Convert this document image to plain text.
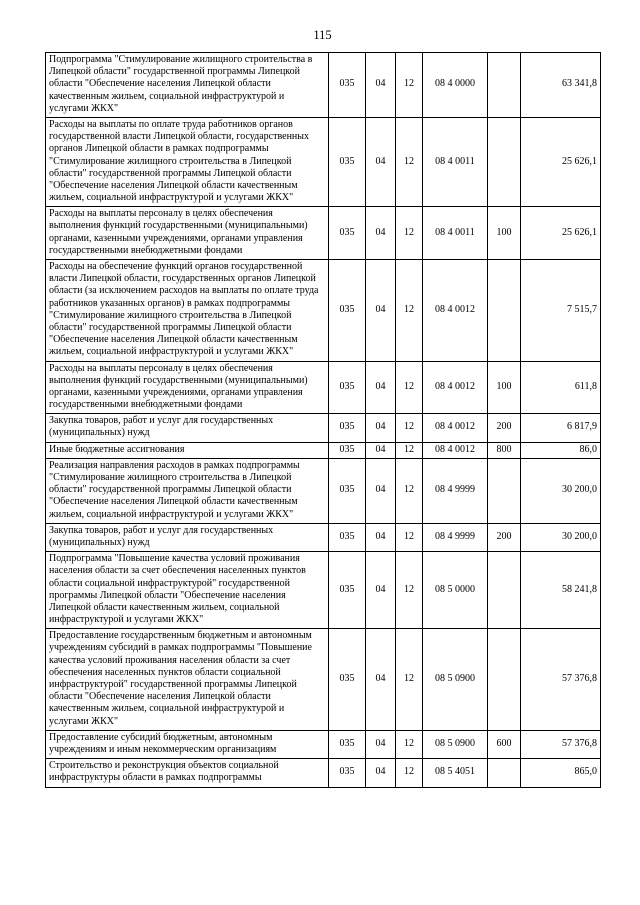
115
Подпрограмма "Стимулирование жилищного строительства в Липецкой области" государственной программы Липецкой области "Обеспечение населения Липецкой области качественным жильем, социальной инфраструктурой и услугами ЖКХ"	035	04	12	08 4 0000		63 341,8
Расходы на выплаты по оплате труда работников органов государственной власти Липецкой области, государственных органов Липецкой области в рамках подпрограммы "Стимулирование жилищного строительства в Липецкой области" государственной программы Липецкой области "Обеспечение населения Липецкой области качественным жильем, социальной инфраструктурой и услугами ЖКХ"	035	04	12	08 4 0011		25 626,1
Расходы на выплаты персоналу в целях обеспечения выполнения функций государственными (муниципальными) органами, казенными учреждениями, органами управления государственными внебюджетными фондами	035	04	12	08 4 0011	100	25 626,1
Расходы на обеспечение функций органов государственной власти Липецкой области, государственных органов Липецкой области (за исключением расходов на выплаты по оплате труда работников указанных органов) в рамках подпрограммы "Стимулирование жилищного строительства в Липецкой области" государственной программы Липецкой области "Обеспечение населения Липецкой области качественным жильем, социальной инфраструктурой и услугами ЖКХ"	035	04	12	08 4 0012		7 515,7
Расходы на выплаты персоналу в целях обеспечения выполнения функций государственными (муниципальными) органами, казенными учреждениями, органами управления государственными внебюджетными фондами	035	04	12	08 4 0012	100	611,8
Закупка товаров, работ и услуг для государственных (муниципальных) нужд	035	04	12	08 4 0012	200	6 817,9
Иные бюджетные ассигнования	035	04	12	08 4 0012	800	86,0
Реализация направления расходов в рамках подпрограммы "Стимулирование жилищного строительства в Липецкой области" государственной программы Липецкой области "Обеспечение населения Липецкой области качественным жильем, социальной инфраструктурой и услугами ЖКХ"	035	04	12	08 4 9999		30 200,0
Закупка товаров, работ и услуг для государственных (муниципальных) нужд	035	04	12	08 4 9999	200	30 200,0
Подпрограмма "Повышение качества условий проживания населения области за счет обеспечения населенных пунктов области социальной инфраструктурой" государственной программы Липецкой области "Обеспечение населения Липецкой области качественным жильем, социальной инфраструктурой и услугами ЖКХ"	035	04	12	08 5 0000		58 241,8
Предоставление государственным бюджетным и автономным учреждениям субсидий в рамках подпрограммы "Повышение качества условий проживания населения области за счет обеспечения населенных пунктов области социальной инфраструктурой" государственной программы Липецкой области "Обеспечение населения Липецкой области качественным жильем, социальной инфраструктурой и услугами ЖКХ"	035	04	12	08 5 0900		57 376,8
Предоставление субсидий бюджетным, автономным учреждениям и иным некоммерческим организациям	035	04	12	08 5 0900	600	57 376,8
Строительство и реконструкция объектов социальной инфраструктуры области в рамках подпрограммы	035	04	12	08 5 4051		865,0
